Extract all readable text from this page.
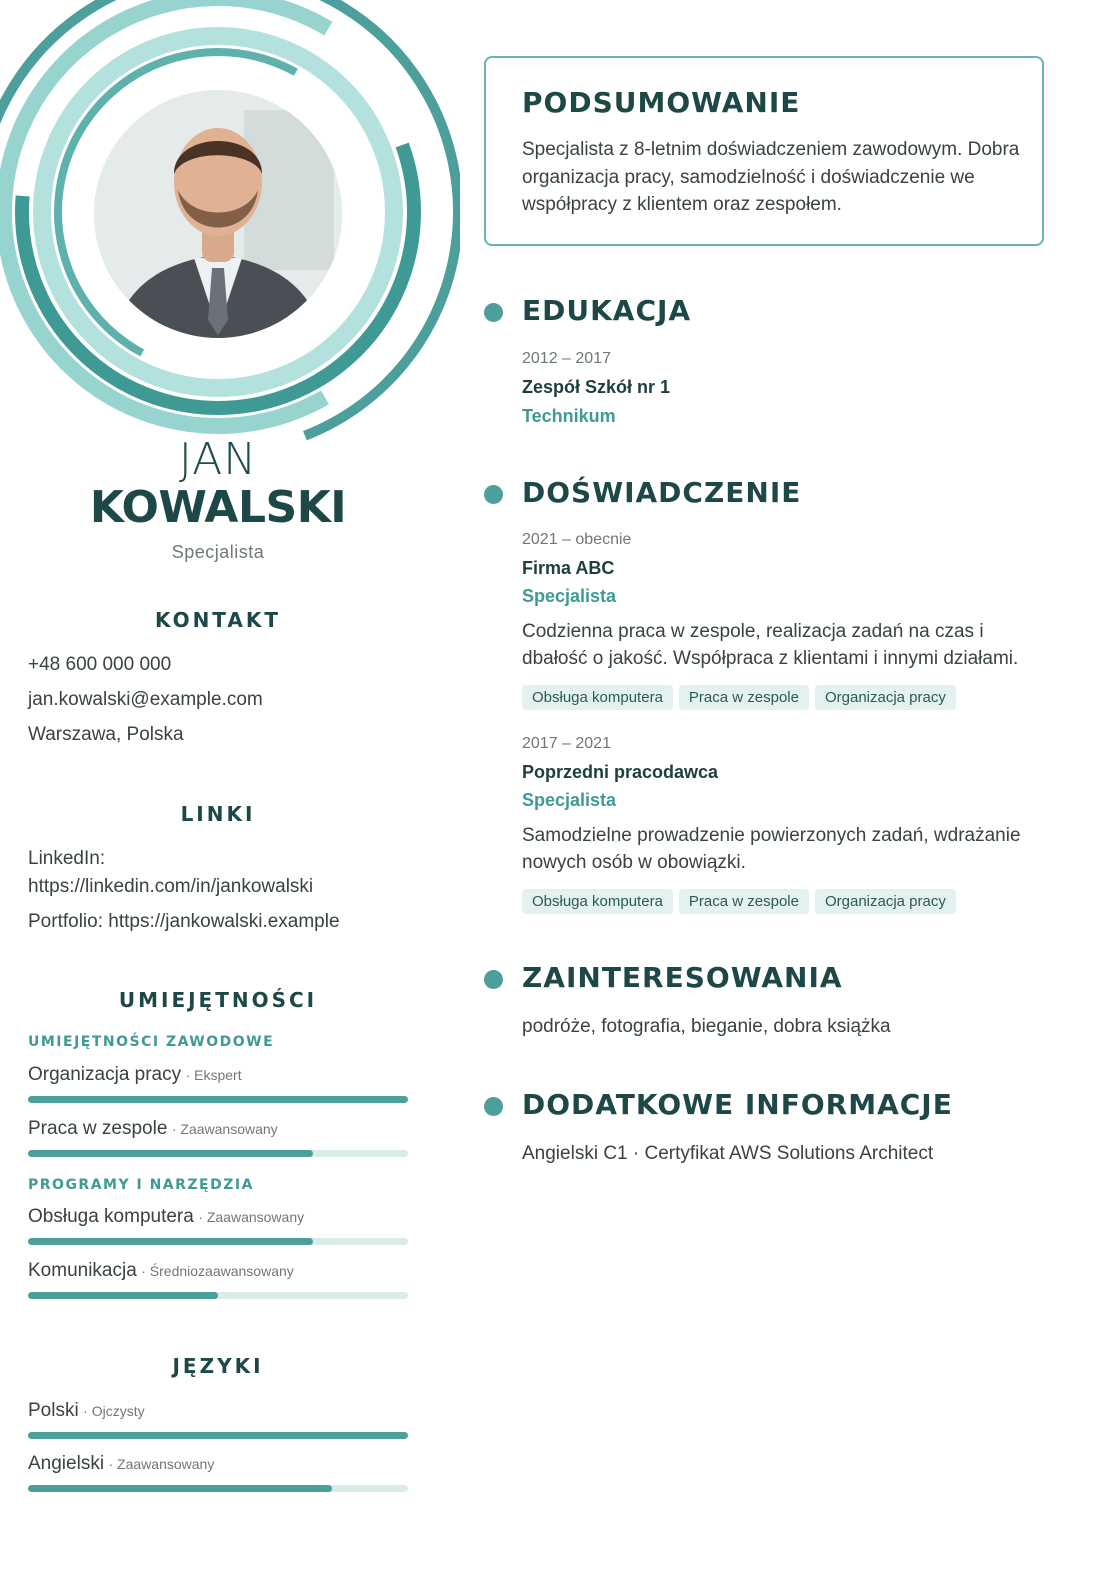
JAN
KOWALSKI
Specjalista
KONTAKT
+48 600 000 000
jan.kowalski@example.com
Warszawa, Polska
LINKI
LinkedIn:
https://linkedin.com/in/jankowalski
Portfolio: https://jankowalski.example
UMIEJĘTNOŚCI
UMIEJĘTNOŚCI ZAWODOWE
Organizacja pracy · Ekspert
Praca w zespole · Zaawansowany
PROGRAMY I NARZĘDZIA
Obsługa komputera · Zaawansowany
Komunikacja · Średniozaawansowany
JĘZYKI
Polski · Ojczysty
Angielski · Zaawansowany
PODSUMOWANIE
Specjalista z 8-letnim doświadczeniem zawodowym. Dobra organizacja pracy, samodzielność i doświadczenie we współpracy z klientem oraz zespołem.
EDUKACJA
2012 – 2017
Zespół Szkół nr 1
Technikum
DOŚWIADCZENIE
2021 – obecnie
Firma ABC
Specjalista
Codzienna praca w zespole, realizacja zadań na czas i dbałość o jakość. Współpraca z klientami i innymi działami.
Obsługa komputera	Praca w zespole	Organizacja pracy
2017 – 2021
Poprzedni pracodawca
Specjalista
Samodzielne prowadzenie powierzonych zadań, wdrażanie nowych osób w obowiązki.
Obsługa komputera	Praca w zespole	Organizacja pracy
ZAINTERESOWANIA
podróże, fotografia, bieganie, dobra książka
DODATKOWE INFORMACJE
Angielski C1 · Certyfikat AWS Solutions Architect
